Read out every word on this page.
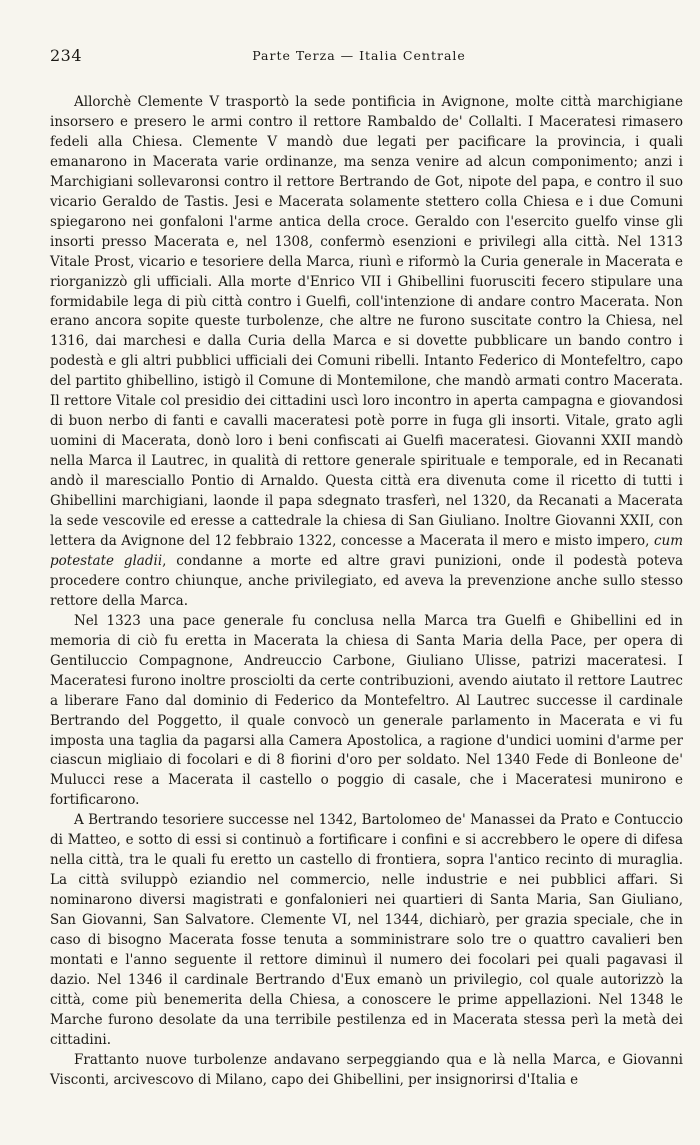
234	Parte Terza — Italia Centrale

Allorchè Clemente V trasportò la sede pontificia in Avignone, molte città marchigiane insorsero e presero le armi contro il rettore Rambaldo de' Collalti. I Maceratesi rimasero fedeli alla Chiesa. Clemente V mandò due legati per pacificare la provincia, i quali emanarono in Macerata varie ordinanze, ma senza venire ad alcun componimento; anzi i Marchigiani sollevaronsi contro il rettore Bertrando de Got, nipote del papa, e contro il suo vicario Geraldo de Tastis. Jesi e Macerata solamente stettero colla Chiesa e i due Comuni spiegarono nei gonfaloni l'arme antica della croce. Geraldo con l'esercito guelfo vinse gli insorti presso Macerata e, nel 1308, confermò esenzioni e privilegi alla città. Nel 1313 Vitale Prost, vicario e tesoriere della Marca, riunì e riformò la Curia generale in Macerata e riorganizzò gli ufficiali. Alla morte d'Enrico VII i Ghibellini fuorusciti fecero stipulare una formidabile lega di più città contro i Guelfi, coll'intenzione di andare contro Macerata. Non erano ancora sopite queste turbolenze, che altre ne furono suscitate contro la Chiesa, nel 1316, dai marchesi e dalla Curia della Marca e si dovette pubblicare un bando contro i podestà e gli altri pubblici ufficiali dei Comuni ribelli. Intanto Federico di Montefeltro, capo del partito ghibellino, istigò il Comune di Montemilone, che mandò armati contro Macerata. Il rettore Vitale col presidio dei cittadini uscì loro incontro in aperta campagna e giovandosi di buon nerbo di fanti e cavalli maceratesi potè porre in fuga gli insorti. Vitale, grato agli uomini di Macerata, donò loro i beni confiscati ai Guelfi maceratesi. Giovanni XXII mandò nella Marca il Lautrec, in qualità di rettore generale spirituale e temporale, ed in Recanati andò il maresciallo Pontio di Arnaldo. Questa città era divenuta come il ricetto di tutti i Ghibellini marchigiani, laonde il papa sdegnato trasferì, nel 1320, da Recanati a Macerata la sede vescovile ed eresse a cattedrale la chiesa di San Giuliano. Inoltre Giovanni XXII, con lettera da Avignone del 12 febbraio 1322, concesse a Macerata il mero e misto impero, cum potestate gladii, condanne a morte ed altre gravi punizioni, onde il podestà poteva procedere contro chiunque, anche privilegiato, ed aveva la prevenzione anche sullo stesso rettore della Marca.

Nel 1323 una pace generale fu conclusa nella Marca tra Guelfi e Ghibellini ed in memoria di ciò fu eretta in Macerata la chiesa di Santa Maria della Pace, per opera di Gentiluccio Compagnone, Andreuccio Carbone, Giuliano Ulisse, patrizi maceratesi. I Maceratesi furono inoltre prosciolti da certe contribuzioni, avendo aiutato il rettore Lautrec a liberare Fano dal dominio di Federico da Montefeltro. Al Lautrec successe il cardinale Bertrando del Poggetto, il quale convocò un generale parlamento in Macerata e vi fu imposta una taglia da pagarsi alla Camera Apostolica, a ragione d'undici uomini d'arme per ciascun migliaio di focolari e di 8 fiorini d'oro per soldato. Nel 1340 Fede di Bonleone de' Mulucci rese a Macerata il castello o poggio di casale, che i Maceratesi munirono e fortificarono.

A Bertrando tesoriere successe nel 1342, Bartolomeo de' Manassei da Prato e Contuccio di Matteo, e sotto di essi si continuò a fortificare i confini e si accrebbero le opere di difesa nella città, tra le quali fu eretto un castello di frontiera, sopra l'antico recinto di muraglia. La città sviluppò eziandio nel commercio, nelle industrie e nei pubblici affari. Si nominarono diversi magistrati e gonfalonieri nei quartieri di Santa Maria, San Giuliano, San Giovanni, San Salvatore. Clemente VI, nel 1344, dichiarò, per grazia speciale, che in caso di bisogno Macerata fosse tenuta a somministrare solo tre o quattro cavalieri ben montati e l'anno seguente il rettore diminuì il numero dei focolari pei quali pagavasi il dazio. Nel 1346 il cardinale Bertrando d'Eux emanò un privilegio, col quale autorizzò la città, come più benemerita della Chiesa, a conoscere le prime appellazioni. Nel 1348 le Marche furono desolate da una terribile pestilenza ed in Macerata stessa perì la metà dei cittadini.

Frattanto nuove turbolenze andavano serpeggiando qua e là nella Marca, e Giovanni Visconti, arcivescovo di Milano, capo dei Ghibellini, per insignorirsi d'Italia e
